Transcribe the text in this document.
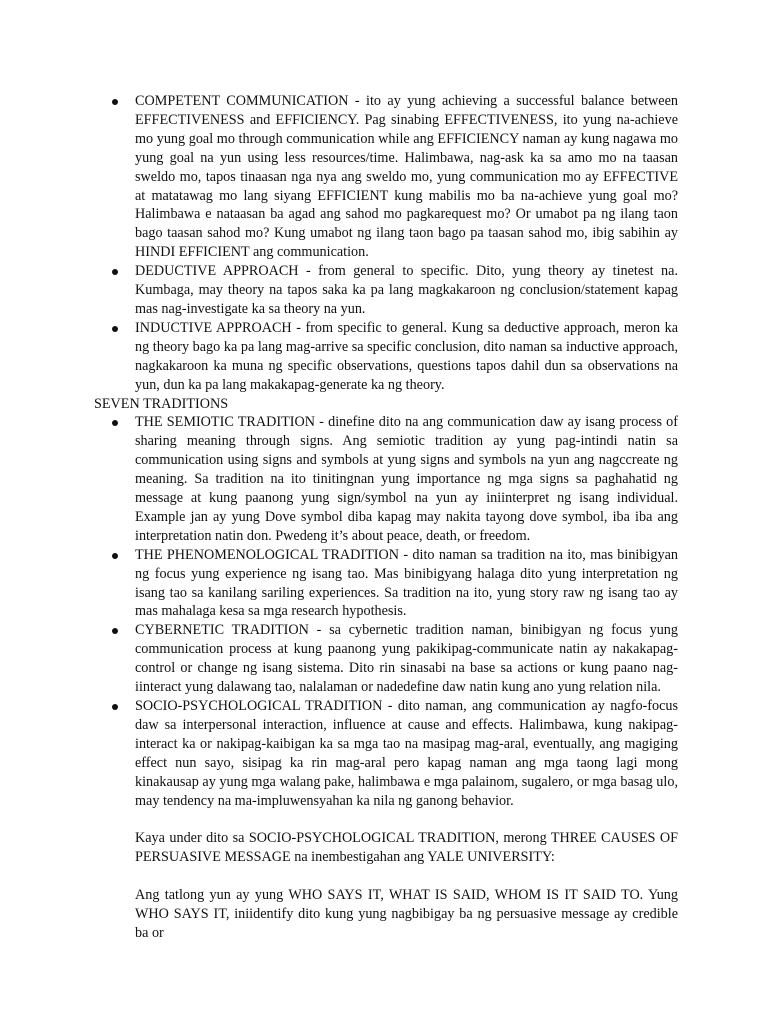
COMPETENT COMMUNICATION - ito ay yung achieving a successful balance between EFFECTIVENESS and EFFICIENCY. Pag sinabing EFFECTIVENESS, ito yung na-achieve mo yung goal mo through communication while ang EFFICIENCY naman ay kung nagawa mo yung goal na yun using less resources/time. Halimbawa, nag-ask ka sa amo mo na taasan sweldo mo, tapos tinaasan nga nya ang sweldo mo, yung communication mo ay EFFECTIVE at matatawag mo lang siyang EFFICIENT kung mabilis mo ba na-achieve yung goal mo? Halimbawa e nataasan ba agad ang sahod mo pagkarequest mo? Or umabot pa ng ilang taon bago taasan sahod mo? Kung umabot ng ilang taon bago pa taasan sahod mo, ibig sabihin ay HINDI EFFICIENT ang communication.
DEDUCTIVE APPROACH - from general to specific. Dito, yung theory ay tinetest na. Kumbaga, may theory na tapos saka ka pa lang magkakaroon ng conclusion/statement kapag mas nag-investigate ka sa theory na yun.
INDUCTIVE APPROACH - from specific to general. Kung sa deductive approach, meron ka ng theory bago ka pa lang mag-arrive sa specific conclusion, dito naman sa inductive approach, nagkakaroon ka muna ng specific observations, questions tapos dahil dun sa observations na yun, dun ka pa lang makakapag-generate ka ng theory.
SEVEN TRADITIONS
THE SEMIOTIC TRADITION - dinefine dito na ang communication daw ay isang process of sharing meaning through signs. Ang semiotic tradition ay yung pag-intindi natin sa communication using signs and symbols at yung signs and symbols na yun ang nagccreate ng meaning. Sa tradition na ito tinitingnan yung importance ng mga signs sa paghahatid ng message at kung paanong yung sign/symbol na yun ay iniinterpret ng isang individual. Example jan ay yung Dove symbol diba kapag may nakita tayong dove symbol, iba iba ang interpretation natin don. Pwedeng it’s about peace, death, or freedom.
THE PHENOMENOLOGICAL TRADITION - dito naman sa tradition na ito, mas binibigyan ng focus yung experience ng isang tao. Mas binibigyang halaga dito yung interpretation ng isang tao sa kanilang sariling experiences. Sa tradition na ito, yung story raw ng isang tao ay mas mahalaga kesa sa mga research hypothesis.
CYBERNETIC TRADITION - sa cybernetic tradition naman, binibigyan ng focus yung communication process at kung paanong yung pakikipag-communicate natin ay nakakapag-control or change ng isang sistema. Dito rin sinasabi na base sa actions or kung paano nag-iinteract yung dalawang tao, nalalaman or nadedefine daw natin kung ano yung relation nila.
SOCIO-PSYCHOLOGICAL TRADITION - dito naman, ang communication ay nagfo-focus daw sa interpersonal interaction, influence at cause and effects. Halimbawa, kung nakipag-interact ka or nakipag-kaibigan ka sa mga tao na masipag mag-aral, eventually, ang magiging effect nun sayo, sisipag ka rin mag-aral pero kapag naman ang mga taong lagi mong kinakausap ay yung mga walang pake, halimbawa e mga palainom, sugalero, or mga basag ulo, may tendency na ma-impluwensyahan ka nila ng ganong behavior.

Kaya under dito sa SOCIO-PSYCHOLOGICAL TRADITION, merong THREE CAUSES OF PERSUASIVE MESSAGE na inembestigahan ang YALE UNIVERSITY:

Ang tatlong yun ay yung WHO SAYS IT, WHAT IS SAID, WHOM IS IT SAID TO. Yung WHO SAYS IT, iniidentify dito kung yung nagbibigay ba ng persuasive message ay credible ba or
